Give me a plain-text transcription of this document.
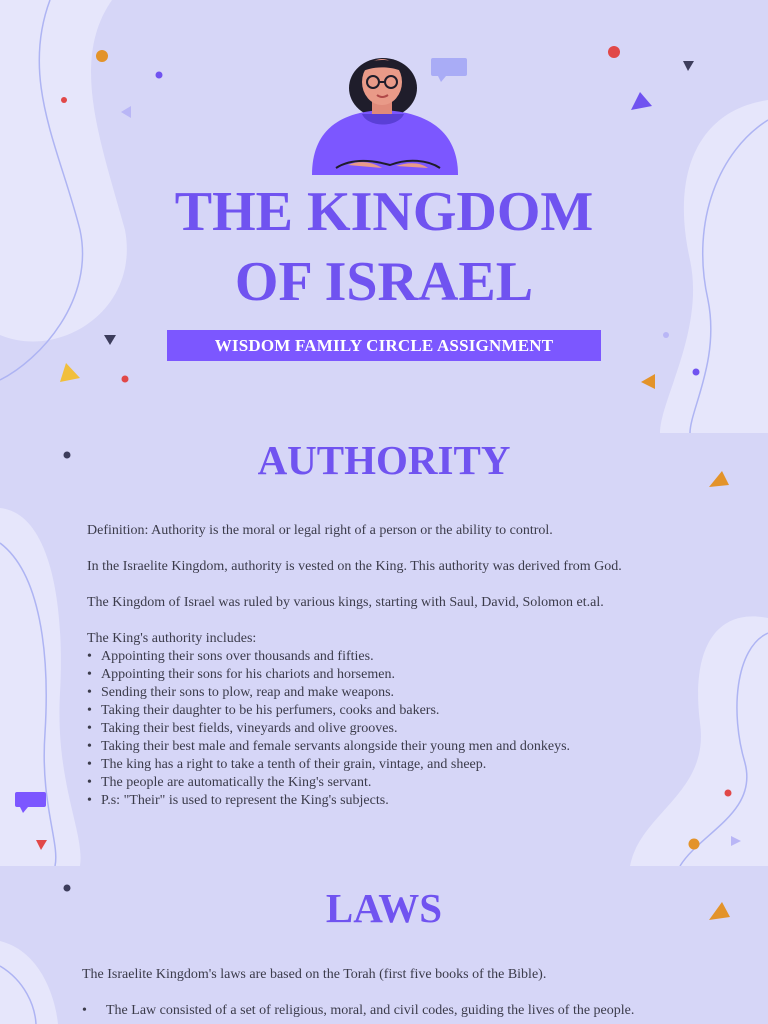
THE KINGDOM
OF ISRAEL
WISDOM FAMILY CIRCLE ASSIGNMENT
AUTHORITY

Definition: Authority is the moral or legal right of a person or the ability to control.

In the Israelite Kingdom, authority is vested on the King. This authority was derived from God.

The Kingdom of Israel was ruled by various kings, starting with Saul, David, Solomon et.al.

The King's authority includes:

• Appointing their sons over thousands and fifties.
• Appointing their sons for his chariots and horsemen.
• Sending their sons to plow, reap and make weapons.
• Taking their daughter to be his perfumers, cooks and bakers.
• Taking their best fields, vineyards and olive grooves.
• Taking their best male and female servants alongside their young men and donkeys.
• The king has a right to take a tenth of their grain, vintage, and sheep.
• The people are automatically the King's servant.
• P.s: "Their" is used to represent the King's subjects.
LAWS

The Israelite Kingdom's laws are based on the Torah (first five books of the Bible).

• The Law consisted of a set of religious, moral, and civil codes, guiding the lives of the people.
